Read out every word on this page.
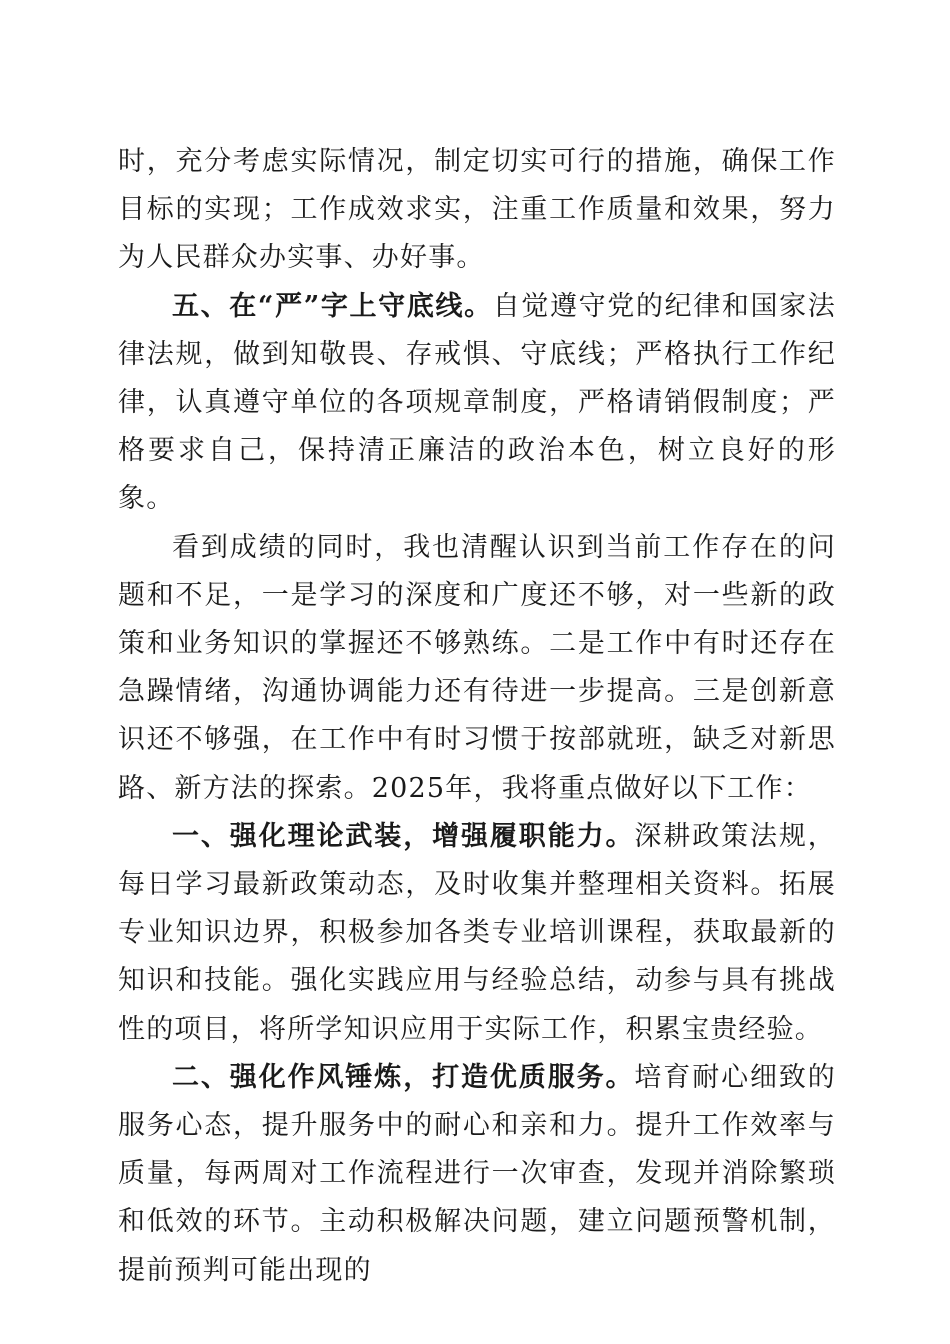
时，充分考虑实际情况，制定切实可行的措施，确保工作目标的实现；工作成效求实，注重工作质量和效果，努力为人民群众办实事、办好事。

五、在“严”字上守底线。自觉遵守党的纪律和国家法律法规，做到知敬畏、存戒惧、守底线；严格执行工作纪律，认真遵守单位的各项规章制度，严格请销假制度；严格要求自己，保持清正廉洁的政治本色，树立良好的形象。

看到成绩的同时，我也清醒认识到当前工作存在的问题和不足，一是学习的深度和广度还不够，对一些新的政策和业务知识的掌握还不够熟练。二是工作中有时还存在急躁情绪，沟通协调能力还有待进一步提高。三是创新意识还不够强，在工作中有时习惯于按部就班，缺乏对新思路、新方法的探索。2025年，我将重点做好以下工作：

一、强化理论武装，增强履职能力。深耕政策法规，每日学习最新政策动态，及时收集并整理相关资料。拓展专业知识边界，积极参加各类专业培训课程，获取最新的知识和技能。强化实践应用与经验总结，动参与具有挑战性的项目，将所学知识应用于实际工作，积累宝贵经验。

二、强化作风锤炼，打造优质服务。培育耐心细致的服务心态，提升服务中的耐心和亲和力。提升工作效率与质量，每两周对工作流程进行一次审查，发现并消除繁琐和低效的环节。主动积极解决问题，建立问题预警机制，提前预判可能出现的
